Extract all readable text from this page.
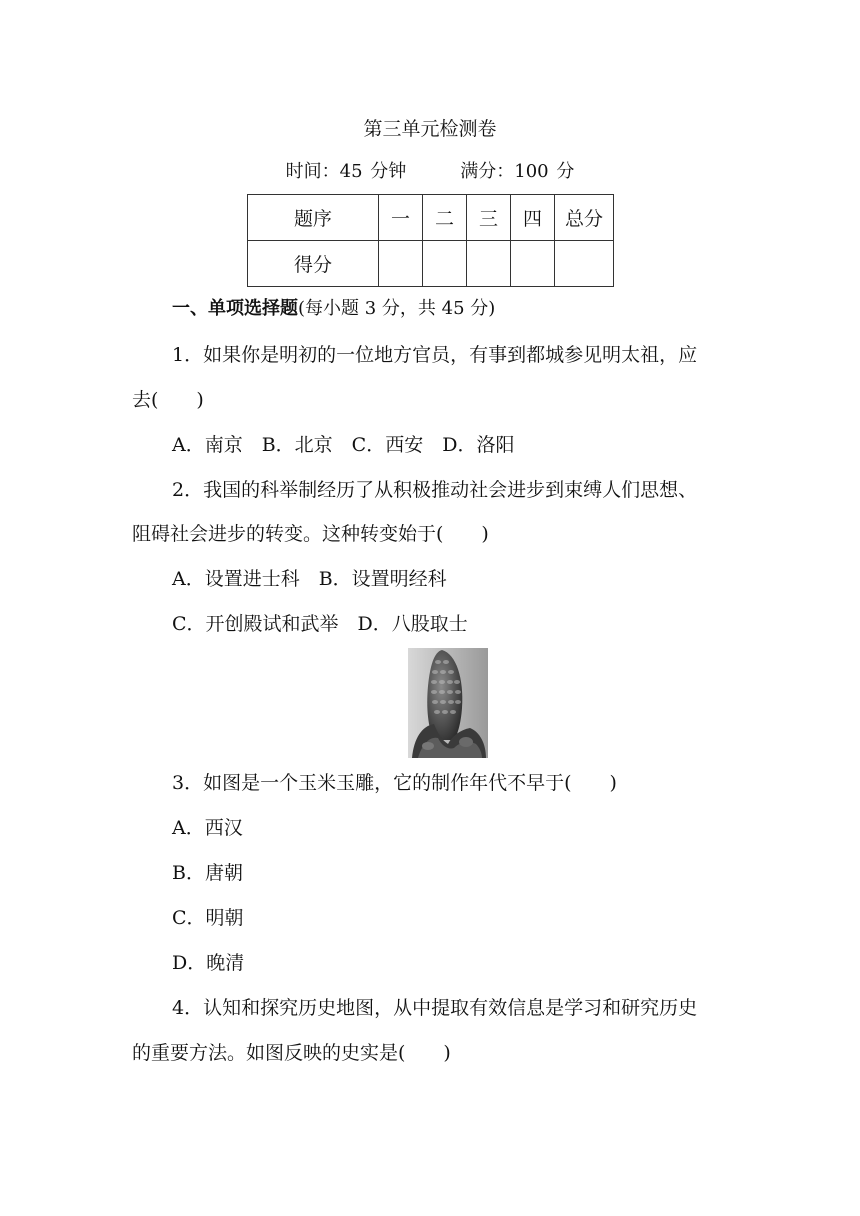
第三单元检测卷
时间：45 分钟	满分：100 分
题序	一	二	三	四	总分
得分					
一、单项选择题(每小题 3 分，共 45 分)
1．如果你是明初的一位地方官员，有事到都城参见明太祖，应
去(　　)
A．南京　B．北京　C．西安　D．洛阳
2．我国的科举制经历了从积极推动社会进步到束缚人们思想、
阻碍社会进步的转变。这种转变始于(　　)
A．设置进士科　B．设置明经科
C．开创殿试和武举　D．八股取士
3．如图是一个玉米玉雕，它的制作年代不早于(　　)
A．西汉
B．唐朝
C．明朝
D．晚清
4．认知和探究历史地图，从中提取有效信息是学习和研究历史
的重要方法。如图反映的史实是(　　)
